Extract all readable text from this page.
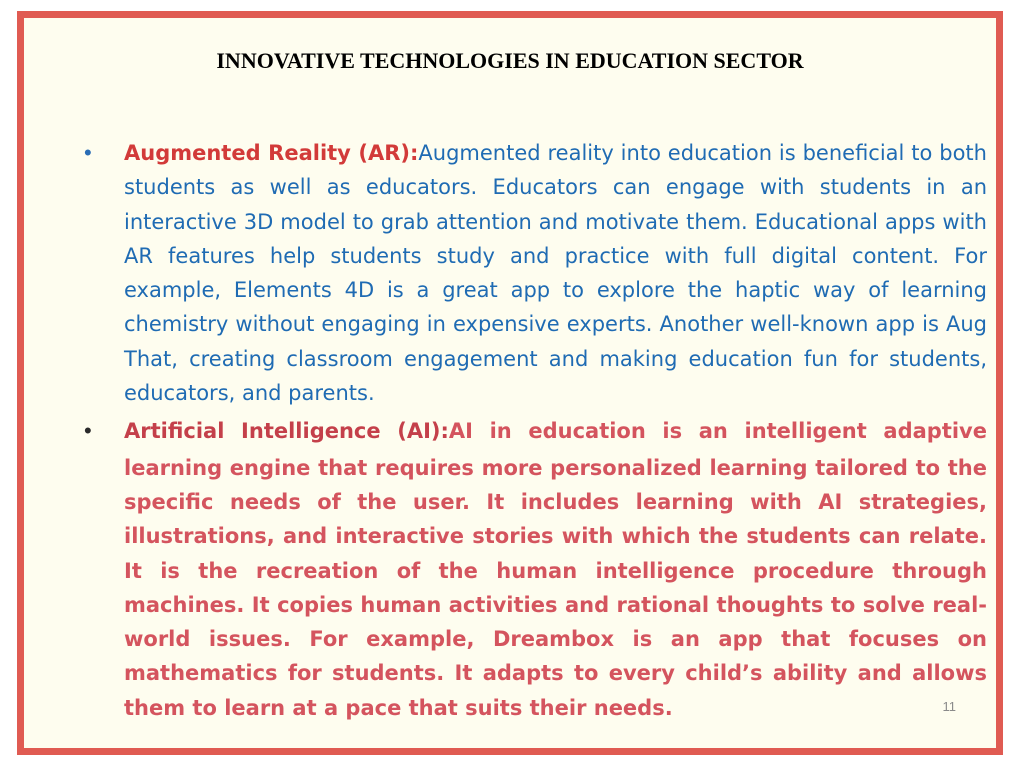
INNOVATIVE TECHNOLOGIES IN EDUCATION SECTOR
• Augmented Reality (AR):Augmented reality into education is beneficial to both students as well as educators. Educators can engage with students in an interactive 3D model to grab attention and motivate them. Educational apps with AR features help students study and practice with full digital content. For example, Elements 4D is a great app to explore the haptic way of learning chemistry without engaging in expensive experts. Another well-known app is Aug That, creating classroom engagement and making education fun for students, educators, and parents.
• Artificial Intelligence (AI):AI in education is an intelligent adaptive learning engine that requires more personalized learning tailored to the specific needs of the user. It includes learning with AI strategies, illustrations, and interactive stories with which the students can relate. It is the recreation of the human intelligence procedure through machines. It copies human activities and rational thoughts to solve real-world issues. For example, Dreambox is an app that focuses on mathematics for students. It adapts to every child’s ability and allows them to learn at a pace that suits their needs.	11
